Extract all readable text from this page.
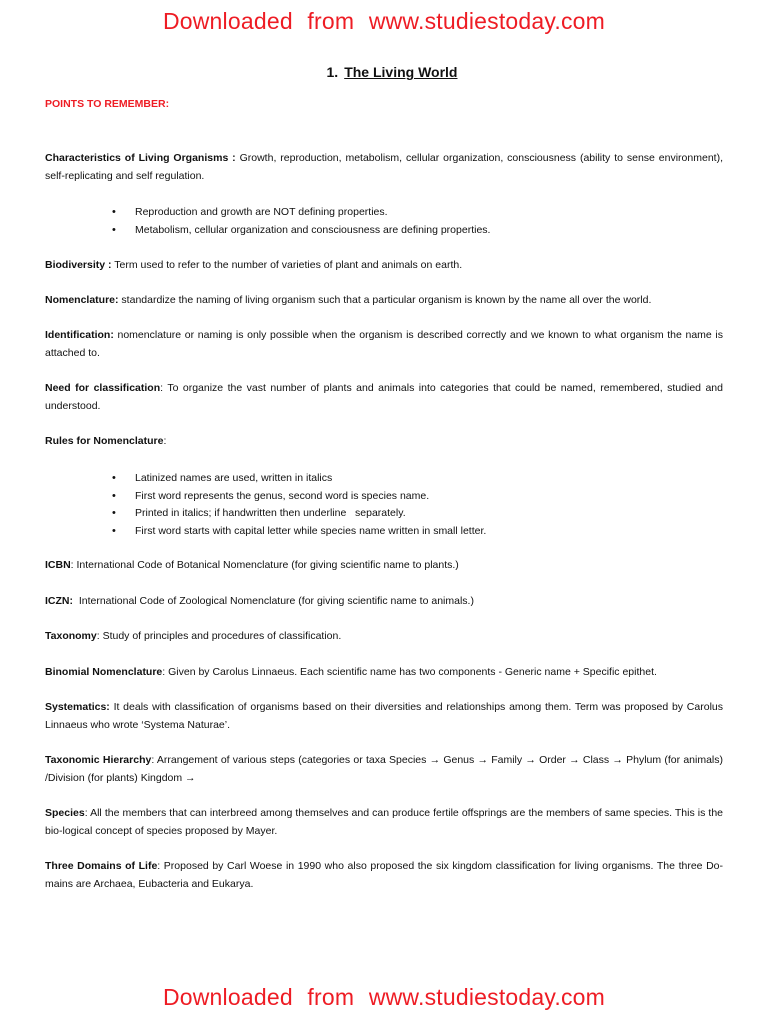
Downloaded from www.studiestoday.com
1. The Living World
POINTS TO REMEMBER:

Characteristics of Living Organisms : Growth, reproduction, metabolism, cellular organization, consciousness (ability to sense environment), self-replicating and self regulation.

• Reproduction and growth are NOT defining properties.
• Metabolism, cellular organization and consciousness are defining properties.

Biodiversity : Term used to refer to the number of varieties of plant and animals on earth.

Nomenclature: standardize the naming of living organism such that a particular organism is known by the name all over the world.

Identification: nomenclature or naming is only possible when the organism is described correctly and we known to what organism the name is attached to.

Need for classification: To organize the vast number of plants and animals into categories that could be named, remembered, studied and understood.

Rules for Nomenclature:

• Latinized names are used, written in italics
• First word represents the genus, second word is species name.
• Printed in italics; if handwritten then underline   separately.
• First word starts with capital letter while species name written in small letter.

ICBN: International Code of Botanical Nomenclature (for giving scientific name to plants.)

ICZN:  International Code of Zoological Nomenclature (for giving scientific name to animals.)

Taxonomy: Study of principles and procedures of classification.

Binomial Nomenclature: Given by Carolus Linnaeus. Each scientific name has two components - Generic name + Specific epithet.

Systematics: It deals with classification of organisms based on their diversities and relationships among them. Term was proposed by Carolus Linnaeus who wrote ‘Systema Naturae’.

Taxonomic Hierarchy: Arrangement of various steps (categories or taxa Species → Genus → Family → Order → Class → Phylum (for animals) /Division (for plants) Kingdom →

Species: All the members that can interbreed among themselves and can produce fertile offsprings are the members of same species. This is the bio-logical concept of species proposed by Mayer.

Three Domains of Life: Proposed by Carl Woese in 1990 who also proposed the six kingdom classification for living organisms. The three Do-mains are Archaea, Eubacteria and Eukarya.

Downloaded from www.studiestoday.com
